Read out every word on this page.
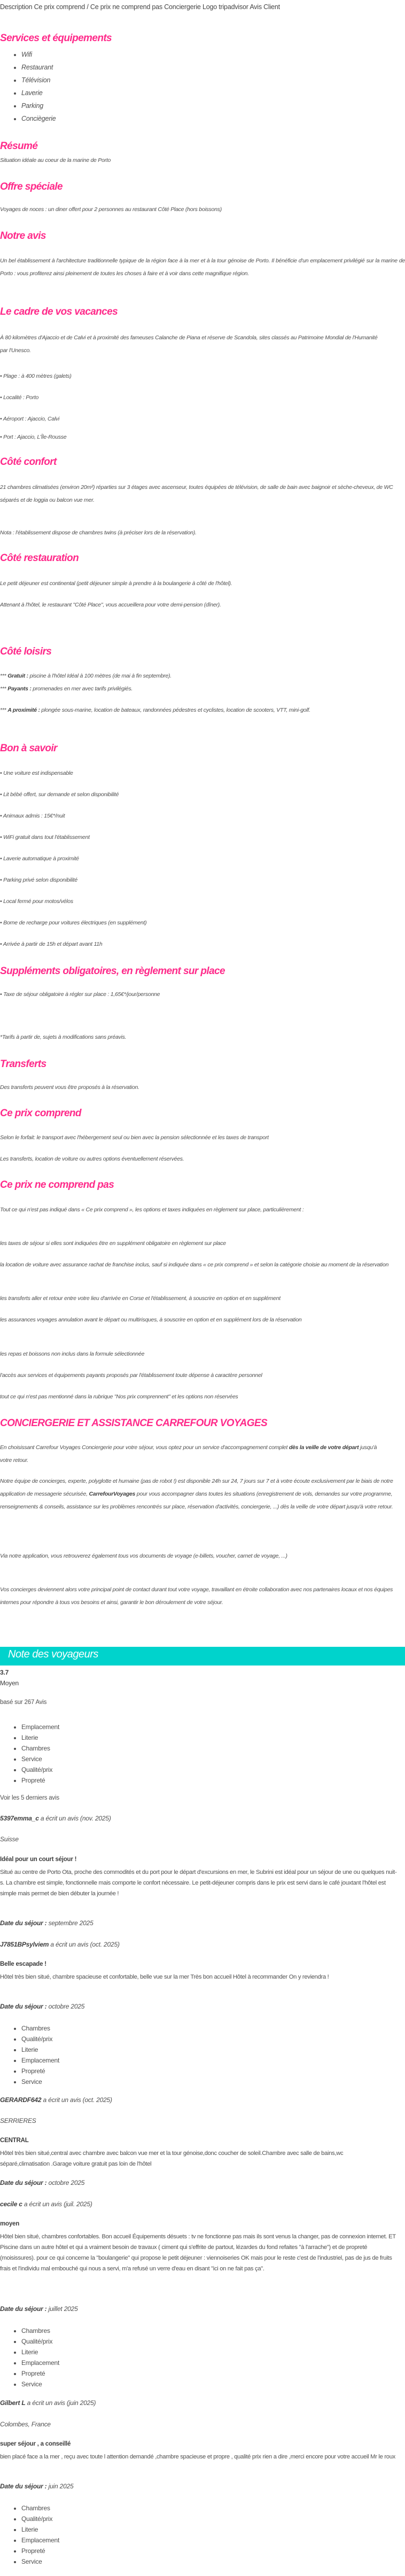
Description Ce prix comprend / Ce prix ne comprend pas Conciergerie Logo tripadvisor Avis Client
Services et équipements
• Wifi
• Restaurant
• Télévision
• Laverie
• Parking
• Conciègerie
Résumé

Situation idéale au coeur de la marine de Porto

Offre spéciale

Voyages de noces : un diner offert pour 2 personnes au restaurant Côté Place (hors boissons)

Notre avis

Un bel établissement à l'architecture traditionnelle typique de la région face à la mer et à la tour génoise de Porto. Il bénéficie d'un emplacement privilégié sur la marine de Porto : vous profiterez ainsi pleinement de toutes les choses à faire et à voir dans cette magnifique région.

Le cadre de vos vacances

À 80 kilomètres d'Ajaccio et de Calvi et à proximité des fameuses Calanche de Piana et réserve de Scandola, sites classés au Patrimoine Mondial de l'Humanité par l'Unesco.

• Plage : à 400 mètres (galets)

• Localité : Porto

• Aéroport : Ajaccio, Calvi

• Port : Ajaccio, L'Île-Rousse

Côté confort

21 chambres climatisées (environ 20m²) réparties sur 3 étages avec ascenseur, toutes équipées de télévision, de salle de bain avec baignoir et sèche-cheveux, de WC séparés et de loggia ou balcon vue mer.

Nota : l'établissement dispose de chambres twins (à préciser lors de la réservation).

Côté restauration

Le petit déjeuner est continental (petit déjeuner simple à prendre à la boulangerie à côté de l'hôtel).

Attenant à l'hôtel, le restaurant "Côté Place", vous accueillera pour votre demi-pension (dîner).

Côté loisirs

*** Gratuit : piscine à l'hôtel Idéal à 100 mètres (de mai à fin septembre).

*** Payants : promenades en mer avec tarifs privilégiés.

*** A proximité : plongée sous-marine, location de bateaux, randonnées pédestres et cyclistes, location de scooters, VTT, mini-golf.

Bon à savoir

• Une voiture est indispensable

• Lit bébé offert, sur demande et selon disponibilité

• Animaux admis : 15€*/nuit

• WiFi gratuit dans tout l'établissement

• Laverie automatique à proximité

• Parking privé selon disponibilité

• Local fermé pour motos/vélos

• Borne de recharge pour voitures électriques (en supplément)

• Arrivée à partir de 15h et départ avant 11h

Suppléments obligatoires, en règlement sur place

• Taxe de séjour obligatoire à régler sur place : 1,65€*/jour/personne

*Tarifs à partir de, sujets à modifications sans préavis.

Transferts

Des transferts peuvent vous être proposés à la réservation.

Ce prix comprend

Selon le forfait: le transport avec l'hébergement seul ou bien avec la pension sélectionnée et les taxes de transport

Les transferts, location de voiture ou autres options éventuellement réservées.

Ce prix ne comprend pas

Tout ce qui n'est pas indiqué dans « Ce prix comprend », les options et taxes indiquées en règlement sur place, particulièrement :

les taxes de séjour si elles sont indiquées être en supplément obligatoire en règlement sur place

la location de voiture avec assurance rachat de franchise inclus, sauf si indiquée dans « ce prix comprend » et selon la catégorie choisie au moment de la réservation

les transferts aller et retour entre votre lieu d'arrivée en Corse et l'établissement, à souscrire en option et en supplément

les assurances voyages annulation avant le départ ou multirisques, à souscrire en option et en supplément lors de la réservation

les repas et boissons non inclus dans la formule sélectionnée

l'accès aux services et équipements payants proposés par l'établissement toute dépense à caractère personnel

tout ce qui n'est pas mentionné dans la rubrique "Nos prix comprennent" et les options non réservées

CONCIERGERIE ET ASSISTANCE CARREFOUR VOYAGES

En choisissant Carrefour Voyages Conciergerie pour votre séjour, vous optez pour un service d'accompagnement complet dès la veille de votre départ jusqu'à votre retour.

Notre équipe de concierges, experte, polyglotte et humaine (pas de robot !) est disponible 24h sur 24, 7 jours sur 7 et à votre écoute exclusivement par le biais de notre application de messagerie sécurisée, CarrefourVoyages pour vous accompagner dans toutes les situations (enregistrement de vols, demandes sur votre programme, renseignements & conseils, assistance sur les problèmes rencontrés sur place, réservation d'activités, conciergerie, ...) dès la veille de votre départ jusqu'à votre retour.

Via notre application, vous retrouverez également tous vos documents de voyage (e-billets, voucher, carnet de voyage, ...)

Vos concierges deviennent alors votre principal point de contact durant tout votre voyage, travaillant en étroite collaboration avec nos partenaires locaux et nos équipes internes pour répondre à tous vos besoins et ainsi, garantir le bon déroulement de votre séjour.

Note des voyageurs
3.7
Moyen
basé sur 267 Avis
• Emplacement
• Literie
• Chambres
• Service
• Qualité/prix
• Propreté
Voir les 5 derniers avis
5397emma_c a écrit un avis (nov. 2025)
Suisse
Idéal pour un court séjour !
Situé au centre de Porto Ota, proche des commodités et du port pour le départ d'excursions en mer, le Subrini est idéal pour un séjour de une ou quelques nuit-s. La chambre est simple, fonctionnelle mais comporte le confort nécessaire. Le petit-déjeuner compris dans le prix est servi dans le café jouxtant l'hôtel est simple mais permet de bien débuter la journée !
Date du séjour : septembre 2025
J7851BPsylviem a écrit un avis (oct. 2025)
Belle escapade !
Hôtel très bien situé, chambre spacieuse et confortable, belle vue sur la mer Très bon accueil Hôtel à recommander On y reviendra !
Date du séjour : octobre 2025
• Chambres
• Qualité/prix
• Literie
• Emplacement
• Propreté
• Service
GERARDF642 a écrit un avis (oct. 2025)
SERRIERES
CENTRAL
Hôtel très bien situé,central avec chambre avec balcon vue mer et la tour génoise,donc coucher de soleil.Chambre avec salle de bains,wc séparé,climatisation .Garage voiture gratuit pas loin de l'hôtel
Date du séjour : octobre 2025
cecile c a écrit un avis (juil. 2025)
moyen
Hôtel bien situé, chambres confortables. Bon accueil Équipements désuets : tv ne fonctionne pas mais ils sont venus la changer, pas de connexion internet. ET Piscine dans un autre hôtel et qui a vraiment besoin de travaux ( ciment qui s'effrite de partout, lézardes du fond refaites "à l'arrache") et de propreté (moisissures). pour ce qui concerne la "boulangerie" qui propose le petit déjeuner : viennoiseries OK mais pour le reste c'est de l'industriel, pas de jus de fruits frais et l'individu mal embouché qui nous a servi, m'a refusé un verre d'eau en disant "ici on ne fait pas ça".
Date du séjour : juillet 2025
• Chambres
• Qualité/prix
• Literie
• Emplacement
• Propreté
• Service
Gilbert L a écrit un avis (juin 2025)
Colombes, France
super séjour , a conseillé
bien placé face a la mer , reçu avec toute l attention demandé ,chambre spacieuse et propre , qualité prix rien a dire ,merci encore pour votre accueil Mr le roux
Date du séjour : juin 2025
• Chambres
• Qualité/prix
• Literie
• Emplacement
• Propreté
• Service
